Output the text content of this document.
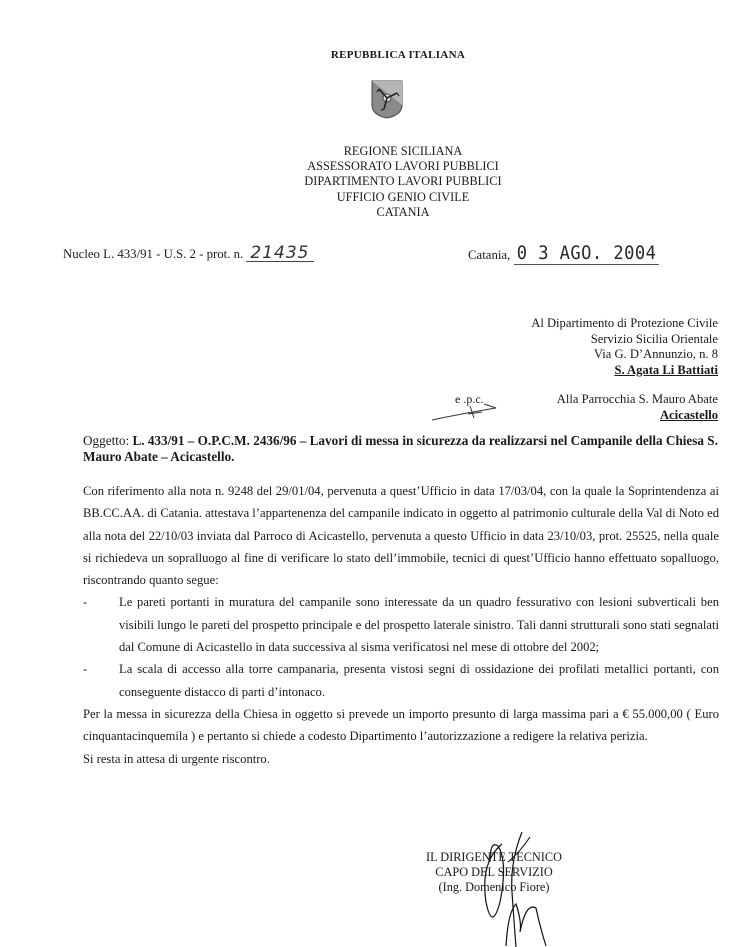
REPUBBLICA ITALIANA
REGIONE SICILIANA
ASSESSORATO LAVORI PUBBLICI
DIPARTIMENTO LAVORI PUBBLICI
UFFICIO GENIO CIVILE
CATANIA
Nucleo L. 433/91 - U.S. 2 - prot. n. 21435	Catania, 0 3 AGO. 2004
Al Dipartimento di Protezione Civile
Servizio Sicilia Orientale
Via G. D’Annunzio, n. 8
S. Agata Li Battiati
e .p.c.	Alla Parrocchia S. Mauro Abate
Acicastello
Oggetto: L. 433/91 – O.P.C.M. 2436/96 – Lavori di messa in sicurezza da realizzarsi nel Campanile della Chiesa S. Mauro Abate – Acicastello.

Con riferimento alla nota n. 9248 del 29/01/04, pervenuta a quest’Ufficio in data 17/03/04, con la quale la Soprintendenza ai BB.CC.AA. di Catania. attestava l’appartenenza del campanile indicato in oggetto al patrimonio culturale della Val di Noto ed alla nota del 22/10/03 inviata dal Parroco di Acicastello, pervenuta a questo Ufficio in data 23/10/03, prot. 25525, nella quale si richiedeva un sopralluogo al fine di verificare lo stato dell’immobile, tecnici di quest’Ufficio hanno effettuato sopalluogo, riscontrando quanto segue:

-	Le pareti portanti in muratura del campanile sono interessate da un quadro fessurativo con lesioni subverticali ben visibili lungo le pareti del prospetto principale e del prospetto laterale sinistro. Tali danni strutturali sono stati segnalati dal Comune di Acicastello in data successiva al sisma verificatosi nel mese di ottobre del 2002;

-	La scala di accesso alla torre campanaria, presenta vistosi segni di ossidazione dei profilati metallici portanti, con conseguente distacco di parti d’intonaco.

Per la messa in sicurezza della Chiesa in oggetto si prevede un importo presunto di larga massima pari a € 55.000,00 ( Euro cinquantacinquemila ) e pertanto si chiede a codesto Dipartimento l’autorizzazione a redigere la relativa perizia.

Si resta in attesa di urgente riscontro.

IL DIRIGENTE TECNICO
CAPO DEL SERVIZIO
(Ing. Domenico Fiore)
